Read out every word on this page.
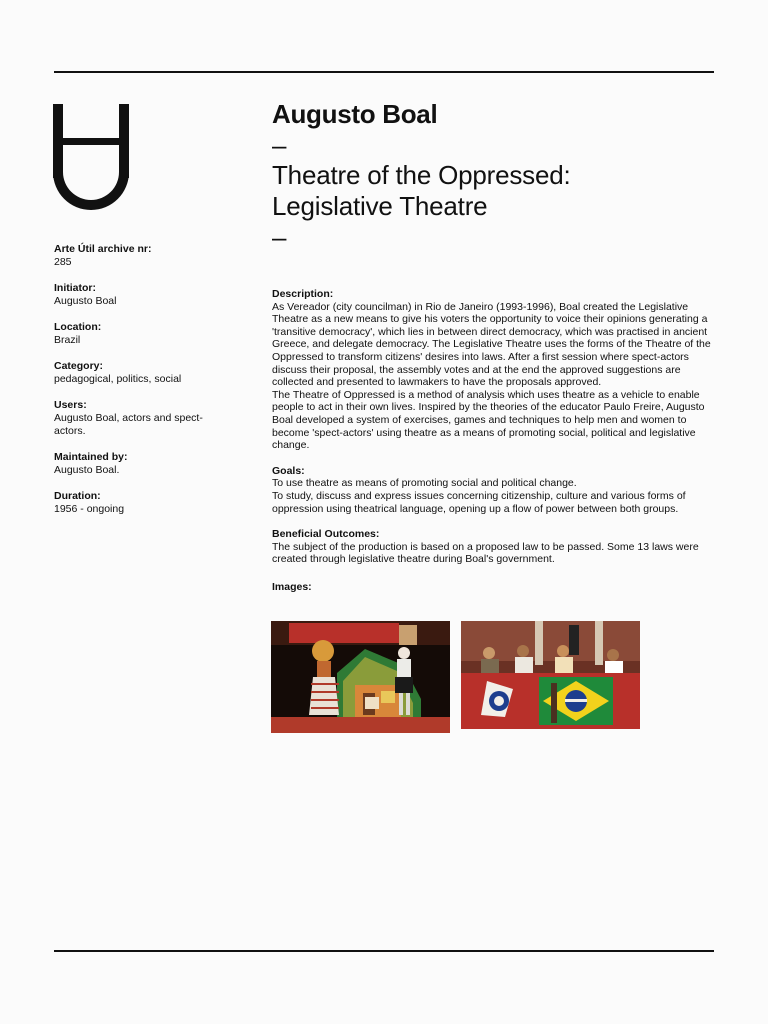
Arte Útil archive nr:
285
Initiator:
Augusto Boal
Location:
Brazil
Category:
pedagogical, politics, social
Users:
Augusto Boal, actors and spect-actors.
Maintained by:
Augusto Boal.
Duration:
1956 - ongoing
Augusto Boal
–
Theatre of the Oppressed:
Legislative Theatre
–
Description:

As Vereador (city councilman) in Rio de Janeiro (1993-1996), Boal created the Legislative Theatre as a new means to give his voters the opportunity to voice their opinions generating a 'transitive democracy', which lies in between direct democracy, which was practised in ancient Greece, and delegate democracy. The Legislative Theatre uses the forms of the Theatre of the Oppressed to transform citizens' desires into laws. After a first session where spect-actors discuss their proposal, the assembly votes and at the end the approved suggestions are collected and presented to lawmakers to have the proposals approved.

The Theatre of Oppressed is a method of analysis which uses theatre as a vehicle to enable people to act in their own lives. Inspired by the theories of the educator Paulo Freire, Augusto Boal developed a system of exercises, games and techniques to help men and women to become 'spect-actors' using theatre as a means of promoting social, political and legislative change.

Goals:

To use theatre as means of promoting social and political change.

To study, discuss and express issues concerning citizenship, culture and various forms of oppression using theatrical language, opening up a flow of power between both groups.

Beneficial Outcomes:

The subject of the production is based on a proposed law to be passed. Some 13 laws were created through legislative theatre during Boal's government.

Images:
